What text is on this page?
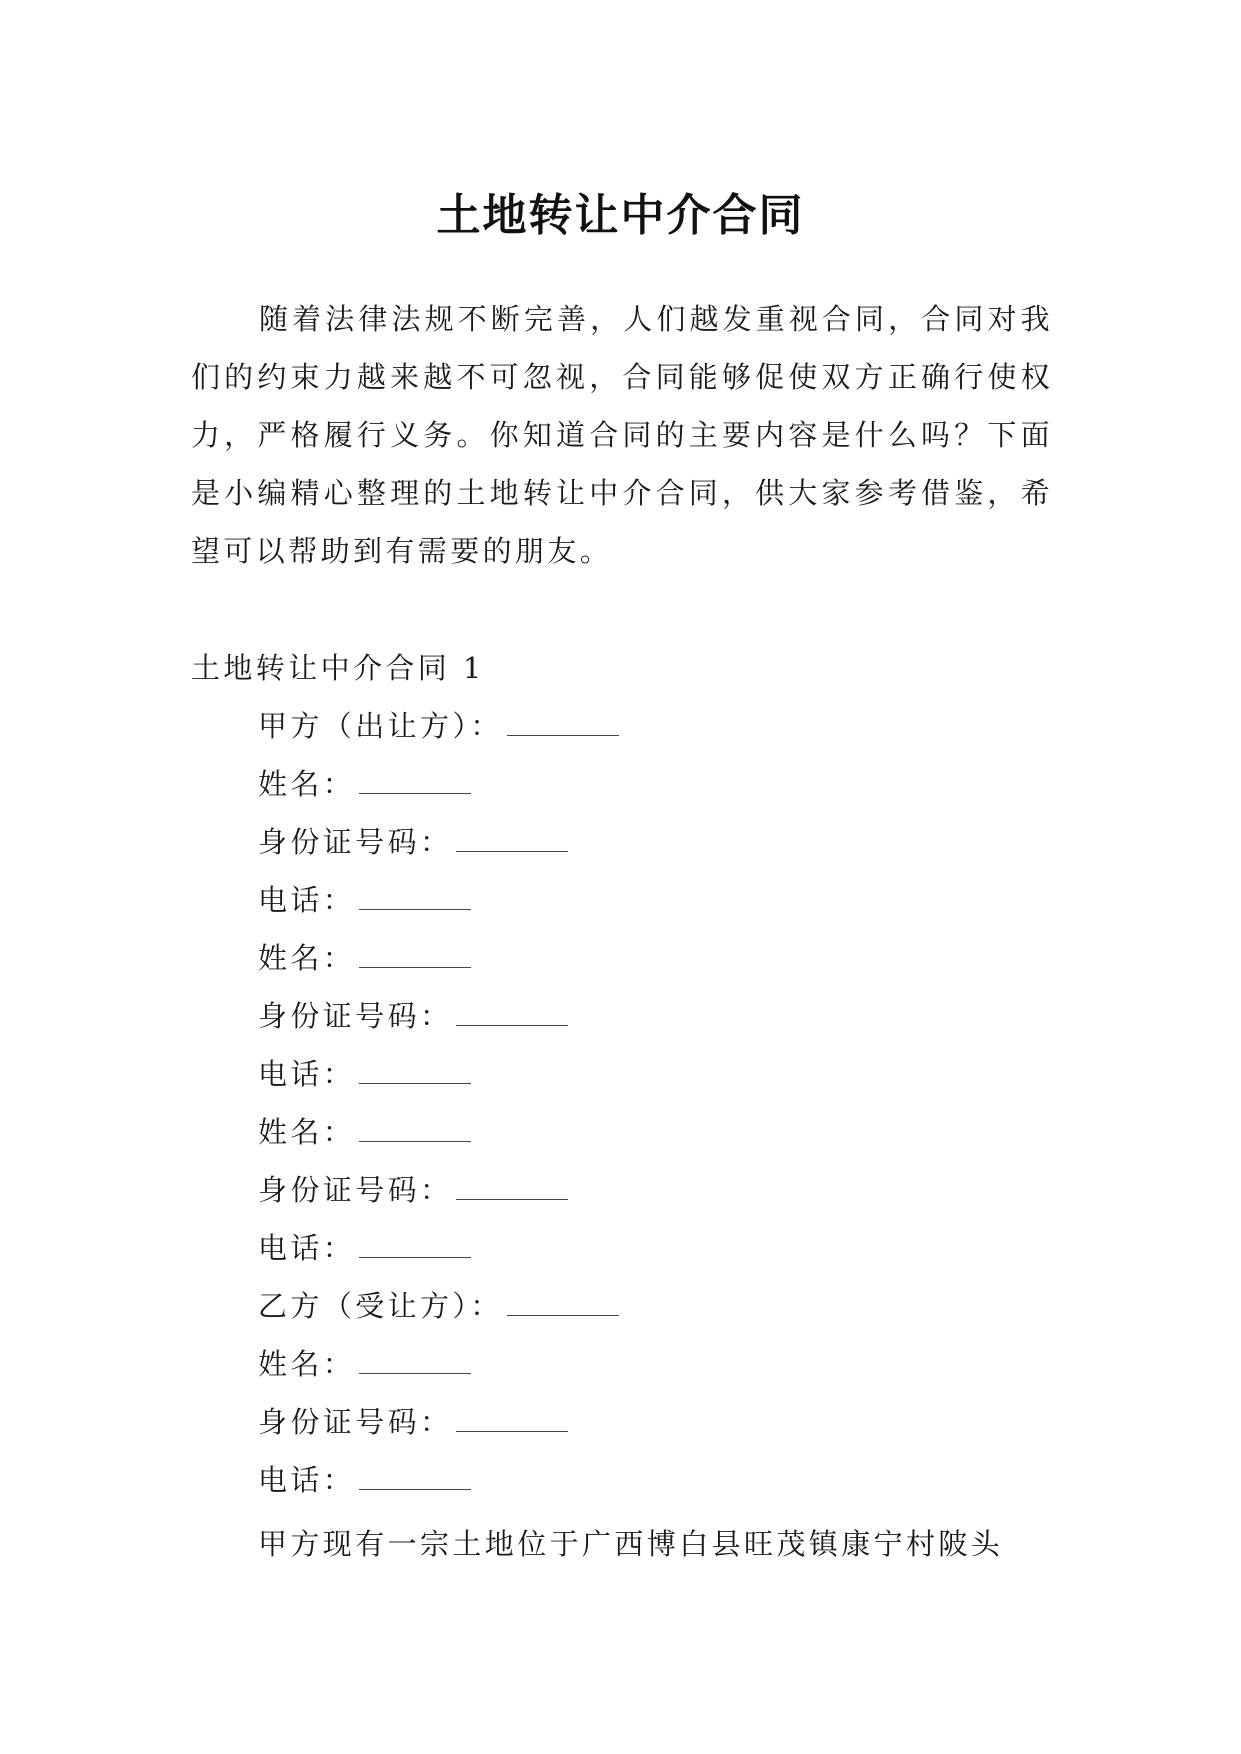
土地转让中介合同

随着法律法规不断完善，人们越发重视合同，合同对我们的约束力越来越不可忽视，合同能够促使双方正确行使权力，严格履行义务。你知道合同的主要内容是什么吗？下面是小编精心整理的土地转让中介合同，供大家参考借鉴，希望可以帮助到有需要的朋友。

土地转让中介合同 1

甲方（出让方）：
姓名：
身份证号码：
电话：
姓名：
身份证号码：
电话：
姓名：
身份证号码：
电话：
乙方（受让方）：
姓名：
身份证号码：
电话：

甲方现有一宗土地位于广西博白县旺茂镇康宁村陂头
